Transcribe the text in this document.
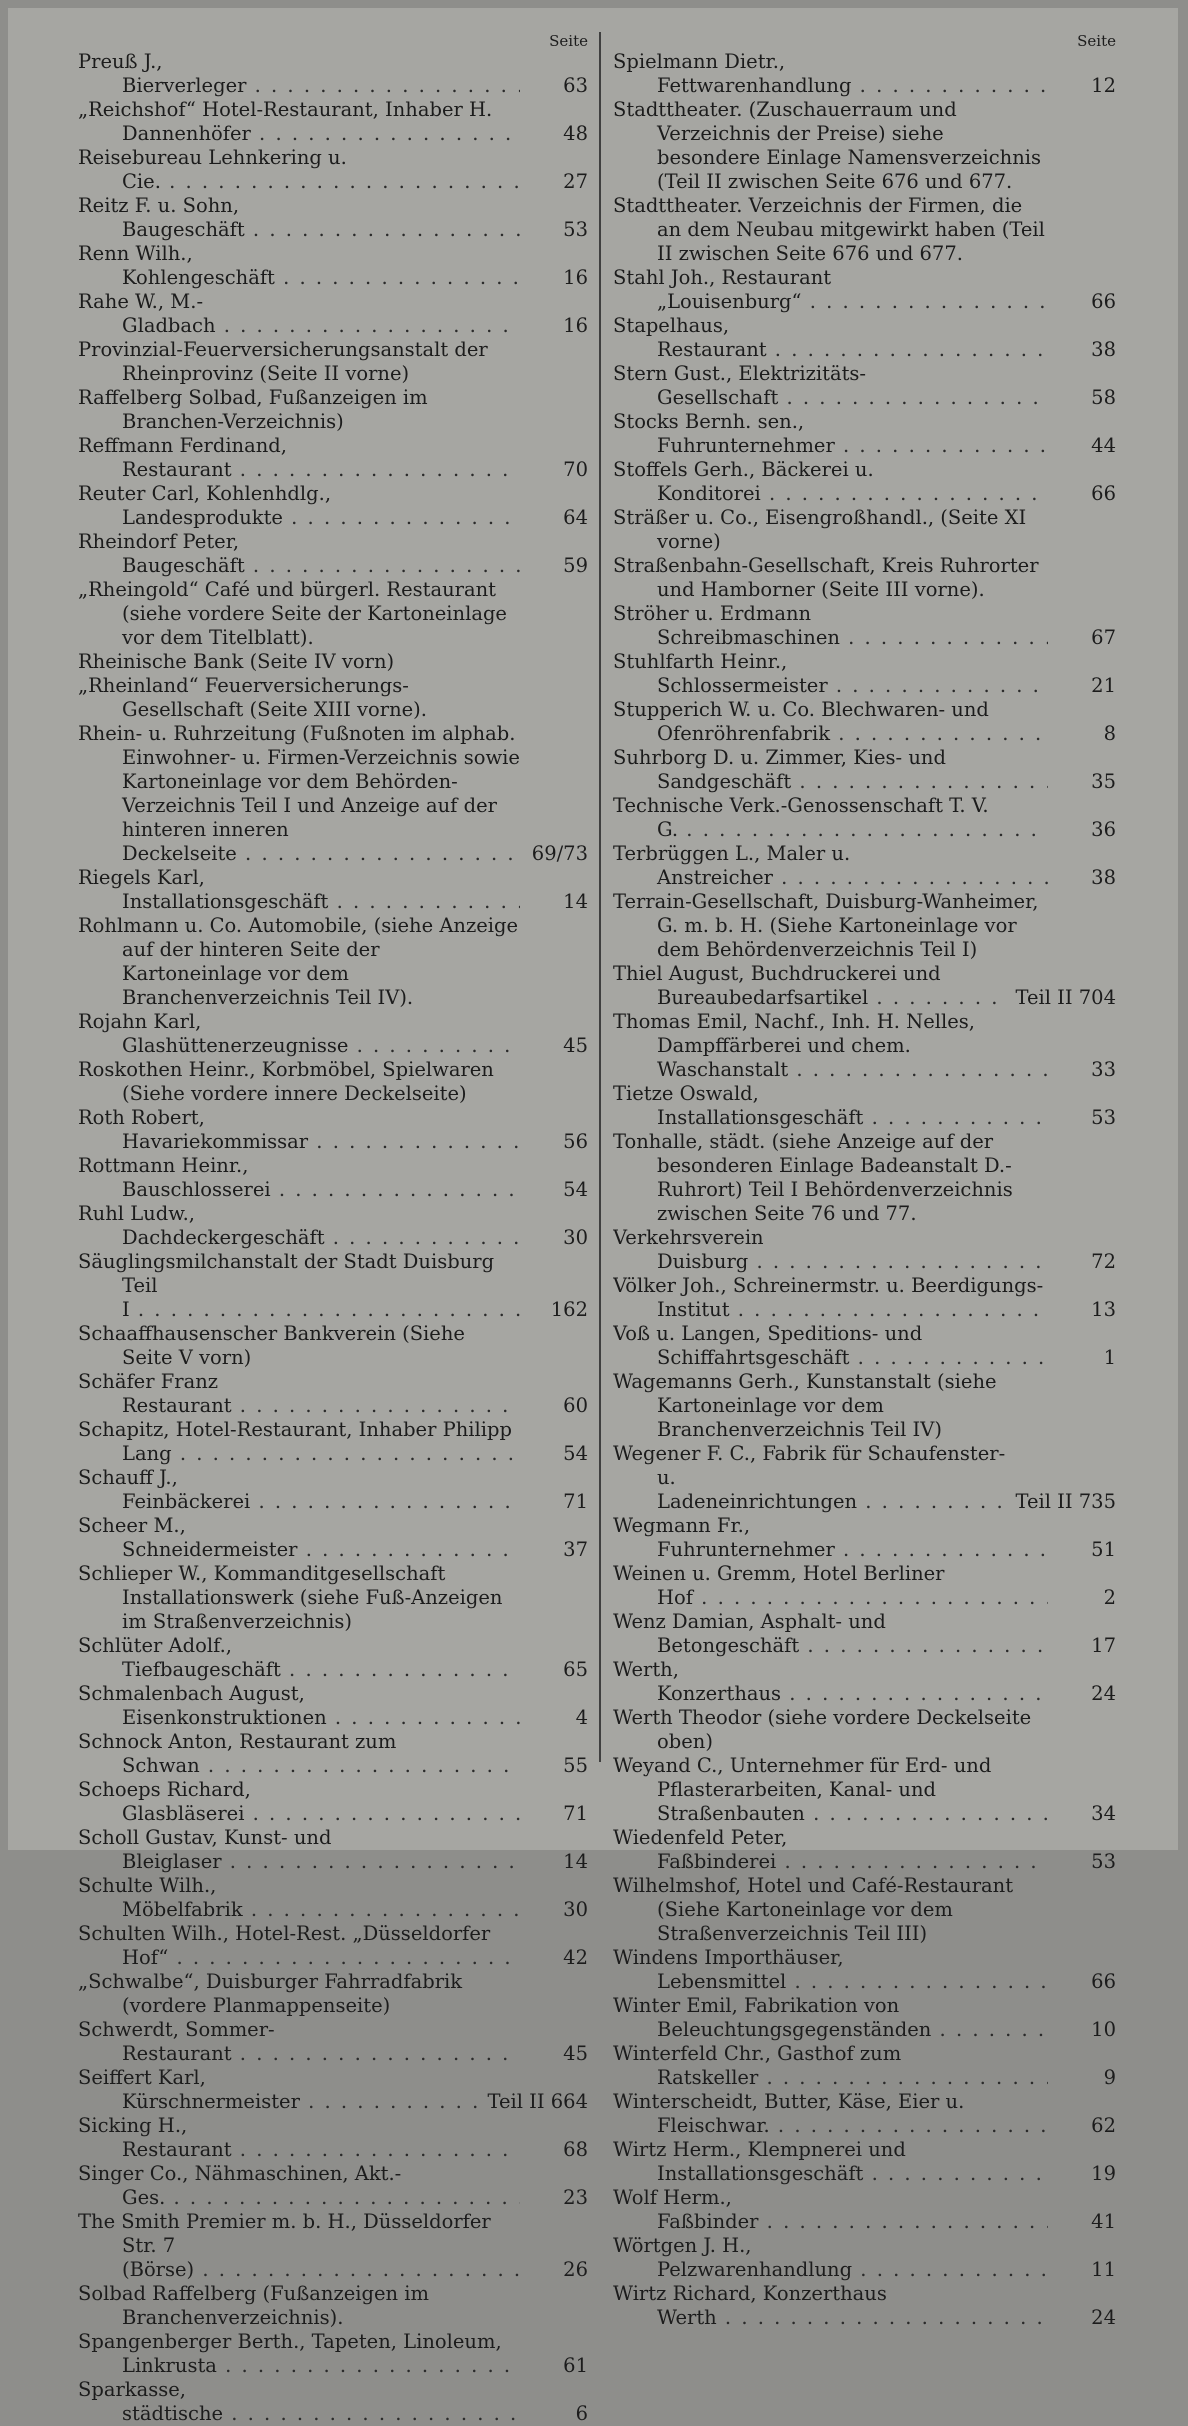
Seite
Preuß J., Bierverleger . . .	63
„Reichshof“ Hotel-Restaurant, Inhaber H. Dannenhöfer . . .	48
Reisebureau Lehnkering u. Cie. . . .	27
Reitz F. u. Sohn, Baugeschäft . . .	53
Renn Wilh., Kohlengeschäft . . .	16
Rahe W., M.-Gladbach . . .	16
Provinzial-Feuerversicherungsanstalt der Rheinprovinz (Seite II vorne)
Raffelberg Solbad, Fußanzeigen im Branchen-Verzeichnis)
Reffmann Ferdinand, Restaurant . . .	70
Reuter Carl, Kohlenhdlg., Landesprodukte . . .	64
Rheindorf Peter, Baugeschäft . . .	59
„Rheingold“ Café und bürgerl. Restaurant (siehe vordere Seite der Kartoneinlage vor dem Titelblatt).
Rheinische Bank (Seite IV vorn)
„Rheinland“ Feuerversicherungs-Gesellschaft (Seite XIII vorne).
Rhein- u. Ruhrzeitung (Fußnoten im alphab. Einwohner- u. Firmen-Verzeichnis sowie Kartoneinlage vor dem Behörden-Verzeichnis Teil I und Anzeige auf der hinteren inneren Deckelseite . . .	69/73
Riegels Karl, Installationsgeschäft . . .	14
Rohlmann u. Co. Automobile, (siehe Anzeige auf der hinteren Seite der Kartoneinlage vor dem Branchenverzeichnis Teil IV).
Rojahn Karl, Glashüttenerzeugnisse . . .	45
Roskothen Heinr., Korbmöbel, Spielwaren (Siehe vordere innere Deckelseite)
Roth Robert, Havariekommissar . . .	56
Rottmann Heinr., Bauschlosserei . . .	54
Ruhl Ludw., Dachdeckergeschäft . . .	30
Säuglingsmilchanstalt der Stadt Duisburg Teil I . . .	162
Schaaffhausenscher Bankverein (Siehe Seite V vorn)
Schäfer Franz Restaurant . . .	60
Schapitz, Hotel-Restaurant, Inhaber Philipp Lang . . .	54
Schauff J., Feinbäckerei . . .	71
Scheer M., Schneidermeister . . .	37
Schlieper W., Kommanditgesellschaft Installationswerk (siehe Fuß-Anzeigen im Straßenverzeichnis)
Schlüter Adolf., Tiefbaugeschäft . . .	65
Schmalenbach August, Eisenkonstruktionen . . .	4
Schnock Anton, Restaurant zum Schwan . . .	55
Schoeps Richard, Glasbläserei . . .	71
Scholl Gustav, Kunst- und Bleiglaser . . .	14
Schulte Wilh., Möbelfabrik . . .	30
Schulten Wilh., Hotel-Rest. „Düsseldorfer Hof“ . . .	42
„Schwalbe“, Duisburger Fahrradfabrik (vordere Planmappenseite)
Schwerdt, Sommer-Restaurant . . .	45
Seiffert Karl, Kürschnermeister . . .	Teil II 664
Sicking H., Restaurant . . .	68
Singer Co., Nähmaschinen, Akt.-Ges. . . .	23
The Smith Premier m. b. H., Düsseldorfer Str. 7 (Börse) . . .	26
Solbad Raffelberg (Fußanzeigen im Branchenverzeichnis).
Spangenberger Berth., Tapeten, Linoleum, Linkrusta . . .	61
Sparkasse, städtische . . .	6
Seite
Spielmann Dietr., Fettwarenhandlung . . .	12
Stadttheater. (Zuschauerraum und Verzeichnis der Preise) siehe besondere Einlage Namensverzeichnis (Teil II zwischen Seite 676 und 677.
Stadttheater. Verzeichnis der Firmen, die an dem Neubau mitgewirkt haben (Teil II zwischen Seite 676 und 677.
Stahl Joh., Restaurant „Louisenburg“ . . .	66
Stapelhaus, Restaurant . . .	38
Stern Gust., Elektrizitäts-Gesellschaft . . .	58
Stocks Bernh. sen., Fuhrunternehmer . . .	44
Stoffels Gerh., Bäckerei u. Konditorei . . .	66
Sträßer u. Co., Eisengroßhandl., (Seite XI vorne)
Straßenbahn-Gesellschaft, Kreis Ruhrorter und Hamborner (Seite III vorne).
Ströher u. Erdmann Schreibmaschinen . . .	67
Stuhlfarth Heinr., Schlossermeister . . .	21
Stupperich W. u. Co. Blechwaren- und Ofenröhrenfabrik . . .	8
Suhrborg D. u. Zimmer, Kies- und Sandgeschäft . . .	35
Technische Verk.-Genossenschaft T. V. G. . . .	36
Terbrüggen L., Maler u. Anstreicher . . .	38
Terrain-Gesellschaft, Duisburg-Wanheimer, G. m. b. H. (Siehe Kartoneinlage vor dem Behördenverzeichnis Teil I)
Thiel August, Buchdruckerei und Bureaubedarfsartikel . . .	Teil II 704
Thomas Emil, Nachf., Inh. H. Nelles, Dampffärberei und chem. Waschanstalt . . .	33
Tietze Oswald, Installationsgeschäft . . .	53
Tonhalle, städt. (siehe Anzeige auf der besonderen Einlage Badeanstalt D.-Ruhrort) Teil I Behördenverzeichnis zwischen Seite 76 und 77.
Verkehrsverein Duisburg . . .	72
Völker Joh., Schreinermstr. u. Beerdigungs-Institut . . .	13
Voß u. Langen, Speditions- und Schiffahrtsgeschäft . . .	1
Wagemanns Gerh., Kunstanstalt (siehe Kartoneinlage vor dem Branchenverzeichnis Teil IV)
Wegener F. C., Fabrik für Schaufenster- u. Ladeneinrichtungen . . .	Teil II 735
Wegmann Fr., Fuhrunternehmer . . .	51
Weinen u. Gremm, Hotel Berliner Hof . . .	2
Wenz Damian, Asphalt- und Betongeschäft . . .	17
Werth, Konzerthaus . . .	24
Werth Theodor (siehe vordere Deckelseite oben)
Weyand C., Unternehmer für Erd- und Pflasterarbeiten, Kanal- und Straßenbauten . . .	34
Wiedenfeld Peter, Faßbinderei . . .	53
Wilhelmshof, Hotel und Café-Restaurant (Siehe Kartoneinlage vor dem Straßenverzeichnis Teil III)
Windens Importhäuser, Lebensmittel . . .	66
Winter Emil, Fabrikation von Beleuchtungsgegenständen . . .	10
Winterfeld Chr., Gasthof zum Ratskeller . . .	9
Winterscheidt, Butter, Käse, Eier u. Fleischwar. . . .	62
Wirtz Herm., Klempnerei und Installationsgeschäft . . .	19
Wolf Herm., Faßbinder . . .	41
Wörtgen J. H., Pelzwarenhandlung . . .	11
Wirtz Richard, Konzerthaus Werth . . .	24
